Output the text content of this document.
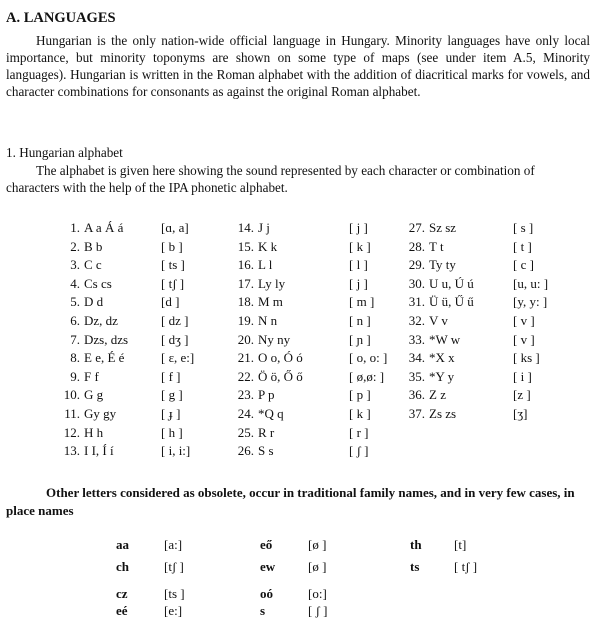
A. LANGUAGES

Hungarian is the only nation-wide official language in Hungary. Minority languages have only local importance, but minority toponyms are shown on some type of maps (see under item A.5, Minority languages). Hungarian is written in the Roman alphabet with the addition of diacritical marks for vowels, and character combinations for consonants as against the original Roman alphabet.

1. Hungarian alphabet

The alphabet is given here showing the sound represented by each character or combination of characters with the help of the IPA phonetic alphabet.

1. A a Á á	[ɑ, a]
2. B b	[ b ]
3. C c	[ ts ]
4. Cs cs	[ tʃ ]
5. D d	[d ]
6. Dz, dz	[ dz ]
7. Dzs, dzs	[ dʒ ]
8. E e, É é	[ ɛ, e:]
9. F f	[ f ]
10. G g	[ g ]
11. Gy gy	[ ɟ ]
12. H h	[ h ]
13. I I, Í í	[ i, i:]
14. J j	[ j ]
15. K k	[ k ]
16. L l	[ l ]
17. Ly ly	[ j ]
18. M m	[ m ]
19. N n	[ n ]
20. Ny ny	[ ɲ ]
21. O o, Ó ó	[ o, o: ]
22. Ö ö, Ő ő	[ ø,ø: ]
23. P p	[ p ]
24. *Q q	[ k ]
25. R r	[ r ]
26. S s	[ ʃ ]
27. Sz sz	[ s ]
28. T t	[ t ]
29. Ty ty	[ c ]
30. U u, Ú ú	[u, u: ]
31. Ü ü, Ű ű	[y, y: ]
32. V v	[ v ]
33. *W w	[ v ]
34. *X x	[ ks ]
35. *Y y	[ i ]
36. Z z	[z ]
37. Zs zs	[ʒ]
Other letters considered as obsolete, occur in traditional family names, and in very few cases, in place names
aa	[a:]	eő	[ø ]	th [t]
ch	[tʃ ]	ew	[ø ]	ts	[ tʃ ]
cz	[ts ]	oó	[o:]
eé	[e:]	s	[ ʃ ]
